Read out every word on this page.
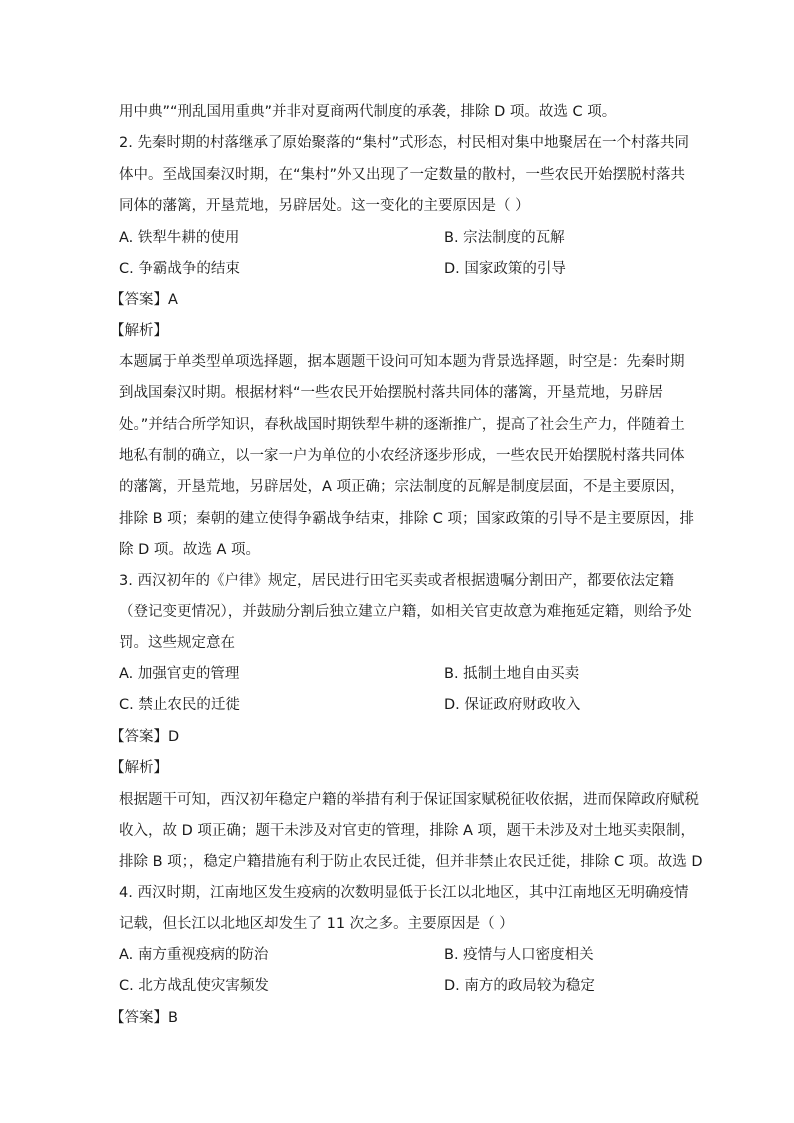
用中典”“刑乱国用重典”并非对夏商两代制度的承袭，排除 D 项。故选 C 项。
2. 先秦时期的村落继承了原始聚落的“集村”式形态，村民相对集中地聚居在一个村落共同
体中。至战国秦汉时期，在“集村”外又出现了一定数量的散村，一些农民开始摆脱村落共
同体的藩篱，开垦荒地，另辟居处。这一变化的主要原因是（ ）
A. 铁犁牛耕的使用	B. 宗法制度的瓦解
C. 争霸战争的结束	D. 国家政策的引导
【答案】A
【解析】
本题属于单类型单项选择题，据本题题干设问可知本题为背景选择题，时空是：先秦时期
到战国秦汉时期。根据材料“一些农民开始摆脱村落共同体的藩篱，开垦荒地，另辟居
处。”并结合所学知识，春秋战国时期铁犁牛耕的逐渐推广，提高了社会生产力，伴随着土
地私有制的确立，以一家一户为单位的小农经济逐步形成，一些农民开始摆脱村落共同体
的藩篱，开垦荒地，另辟居处，A 项正确；宗法制度的瓦解是制度层面，不是主要原因，
排除 B 项；秦朝的建立使得争霸战争结束，排除 C 项；国家政策的引导不是主要原因，排
除 D 项。故选 A 项。
3. 西汉初年的《户律》规定，居民进行田宅买卖或者根据遗嘱分割田产，都要依法定籍
（登记变更情况），并鼓励分割后独立建立户籍，如相关官吏故意为难拖延定籍，则给予处
罚。这些规定意在
A. 加强官吏的管理	B. 抵制土地自由买卖
C. 禁止农民的迁徙	D. 保证政府财政收入
【答案】D
【解析】
根据题干可知，西汉初年稳定户籍的举措有利于保证国家赋税征收依据，进而保障政府赋税
收入，故 D 项正确；题干未涉及对官吏的管理，排除 A 项，题干未涉及对土地买卖限制，
排除 B 项；，稳定户籍措施有利于防止农民迁徙，但并非禁止农民迁徙，排除 C 项。故选 D
4. 西汉时期，江南地区发生疫病的次数明显低于长江以北地区，其中江南地区无明确疫情
记载，但长江以北地区却发生了 11 次之多。主要原因是（ ）
A. 南方重视疫病的防治	B. 疫情与人口密度相关
C. 北方战乱使灾害频发	D. 南方的政局较为稳定
【答案】B
